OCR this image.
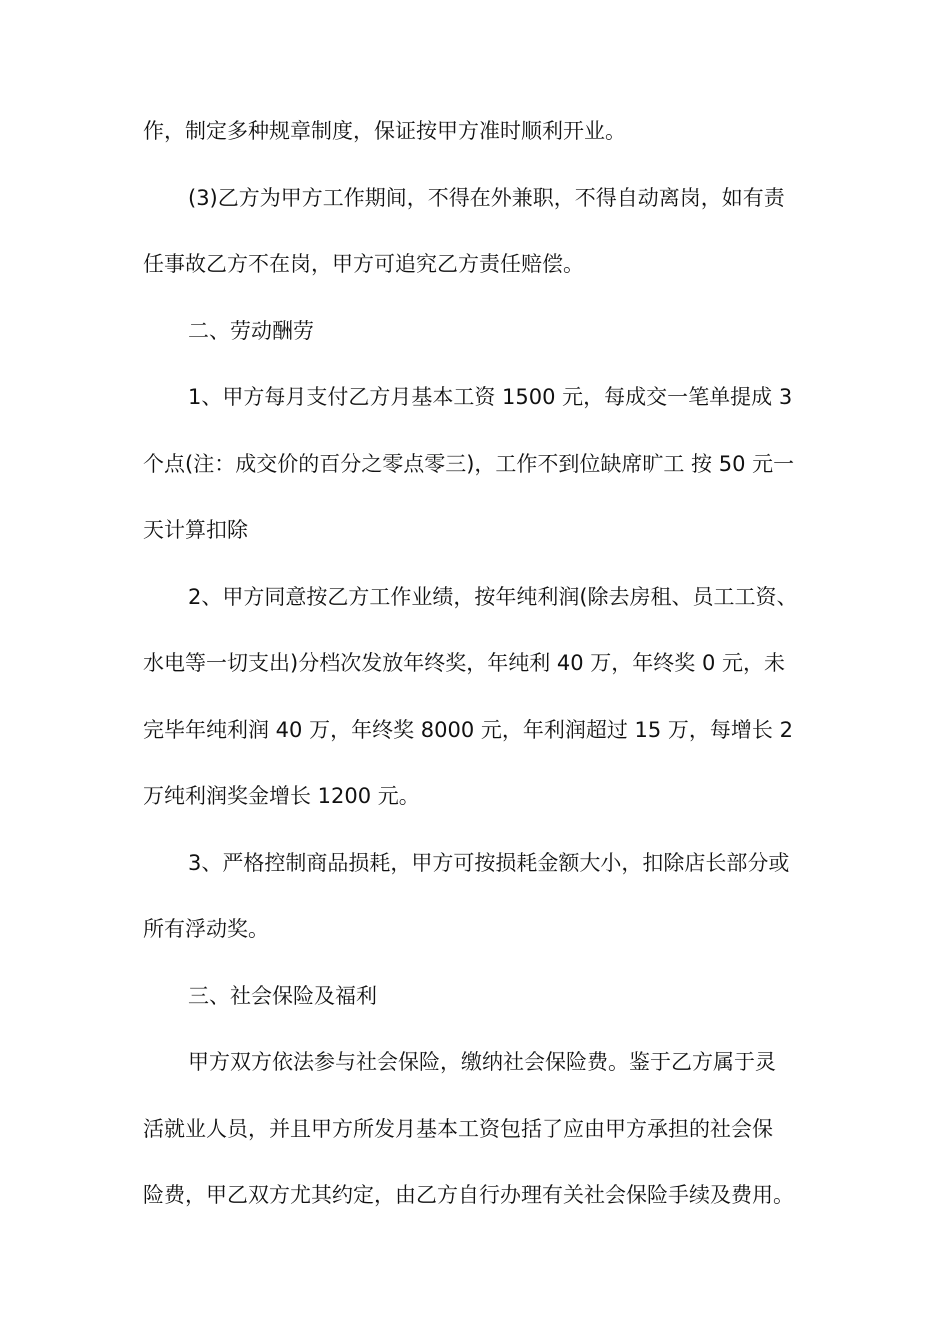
作，制定多种规章制度，保证按甲方准时顺利开业。
(3)乙方为甲方工作期间，不得在外兼职，不得自动离岗，如有责
任事故乙方不在岗，甲方可追究乙方责任赔偿。
二、劳动酬劳
1、甲方每月支付乙方月基本工资 1500 元，每成交一笔单提成 3
个点(注：成交价的百分之零点零三)，工作不到位缺席旷工 按 50 元一
天计算扣除
2、甲方同意按乙方工作业绩，按年纯利润(除去房租、员工工资、
水电等一切支出)分档次发放年终奖，年纯利 40 万，年终奖 0 元，未
完毕年纯利润 40 万，年终奖 8000 元，年利润超过 15 万，每增长 2
万纯利润奖金增长 1200 元。
3、严格控制商品损耗，甲方可按损耗金额大小，扣除店长部分或
所有浮动奖。
三、社会保险及福利
甲方双方依法参与社会保险，缴纳社会保险费。鉴于乙方属于灵
活就业人员，并且甲方所发月基本工资包括了应由甲方承担的社会保
险费，甲乙双方尤其约定，由乙方自行办理有关社会保险手续及费用。
